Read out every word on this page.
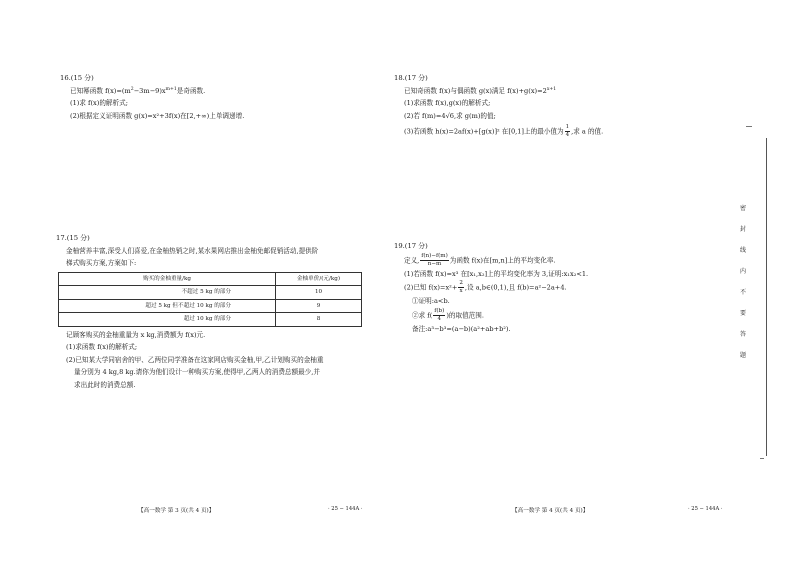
16.(15 分)
已知幂函数 $f(x)=(m^2-3m-9)x^{m+1}$是奇函数.
(1)求 f(x)的解析式;
(2)根据定义证明函数 g(x)=x²+3f(x)在[2,+∞)上单调递增.
17.(15 分)
金柚营养丰富,深受人们喜爱,在金柚热销之时,某水果网店推出金柚免邮促销活动,提供阶
梯式购买方案,方案如下:
购买的金柚重量/kg	金柚单价/(元/kg)
不超过 5 kg 的部分	10
超过 5 kg 但不超过 10 kg 的部分	9
超过 10 kg 的部分	8
记顾客购买的金柚重量为 x kg,消费额为 f(x)元.
(1)求函数 f(x)的解析式;
(2)已知某大学同宿舍的甲、乙两位同学准备在这家网店购买金柚,甲,乙计划购买的金柚重
量分别为 4 kg,8 kg.请你为他们设计一种购买方案,使得甲,乙两人的消费总额最少,并
求出此时的消费总额.
【高一数学 第 3 页(共 4 页)】	· 25 − 144A ·
18.(17 分)
已知奇函数 f(x)与偶函数 g(x)满足 $f(x)+g(x)=2^{x+1}$
(1)求函数 f(x),g(x)的解析式;
(2)若 f(m)=4√6,求 g(m)的值;
(3)若函数 h(x)=2af(x)+[g(x)]² 在[0,1]上的最小值为 $\frac{1}{4}$ ,求 a 的值.
19.(17 分)
定义, $\frac{f(n)-f(m)}{n-m}$ 为函数 f(x)在[m,n]上的平均变化率.
(1)若函数 f(x)=x³ 在[x₁,x₂]上的平均变化率为 3,证明:x₁x₂<1.
(2)已知 $f(x)=x^2+ \frac{2}{x}$ ,设 a,b∈(0,1),且 f(b)=a²−2a+4.
①证明:a<b.
②求 $f( \frac{f(b)}{4}$ )的取值范围.
备注:a³−b³=(a−b)(a²+ab+b²).
【高一数学 第 4 页(共 4 页)】	· 25 − 144A ·
密
封
线
内
不
要
答
题
